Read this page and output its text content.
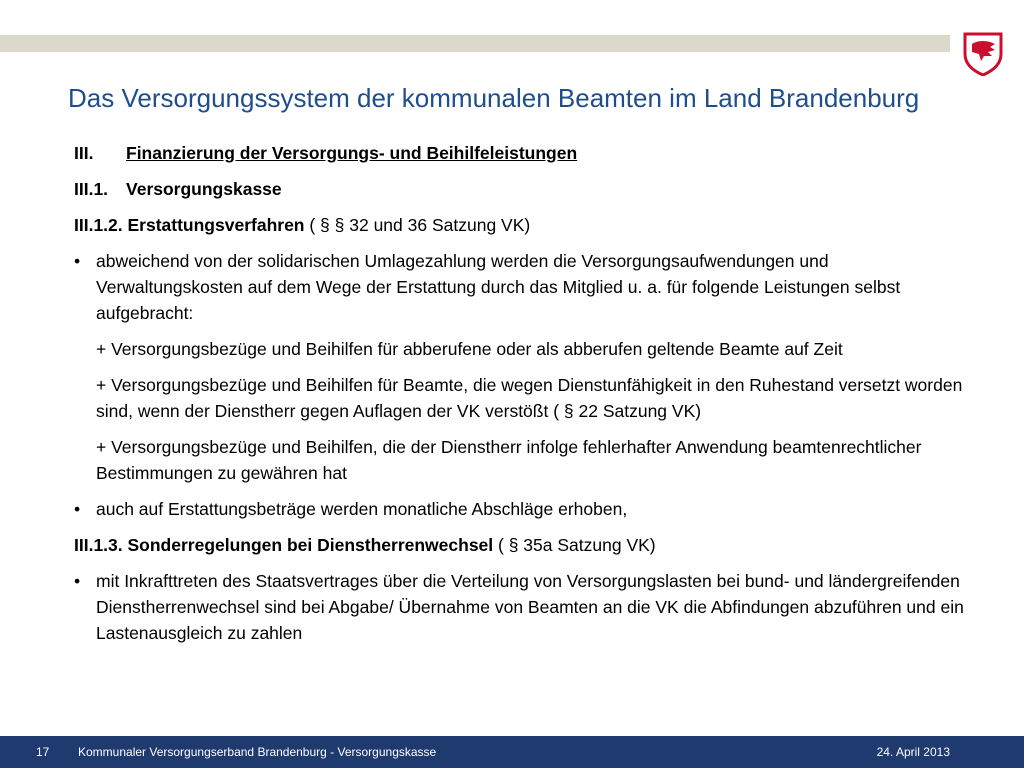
Das Versorgungssystem der kommunalen Beamten im Land Brandenburg

III. Finanzierung der Versorgungs- und Beihilfeleistungen

III.1. Versorgungskasse

III.1.2. Erstattungsverfahren ( § § 32 und 36 Satzung VK)

• abweichend von der solidarischen Umlagezahlung werden die Versorgungsaufwendungen und Verwaltungskosten auf dem Wege der Erstattung durch das Mitglied u. a. für folgende Leistungen selbst aufgebracht:
+ Versorgungsbezüge und Beihilfen für abberufene oder als abberufen geltende Beamte auf Zeit
+ Versorgungsbezüge und Beihilfen für Beamte, die wegen Dienstunfähigkeit in den Ruhestand versetzt worden sind, wenn der Dienstherr gegen Auflagen der VK verstößt ( § 22 Satzung VK)
+ Versorgungsbezüge und Beihilfen, die der Dienstherr infolge fehlerhafter Anwendung beamtenrechtlicher Bestimmungen zu gewähren hat
• auch auf Erstattungsbeträge werden monatliche Abschläge erhoben,

III.1.3. Sonderregelungen bei Dienstherrenwechsel ( § 35a Satzung VK)

• mit Inkrafttreten des Staatsvertrages über die Verteilung von Versorgungslasten bei bund- und ländergreifenden Dienstherrenwechsel sind bei Abgabe/ Übernahme von Beamten an die VK die Abfindungen abzuführen und ein Lastenausgleich zu zahlen
17 Kommunaler Versorgungserband Brandenburg - Versorgungskasse	24. April 2013
